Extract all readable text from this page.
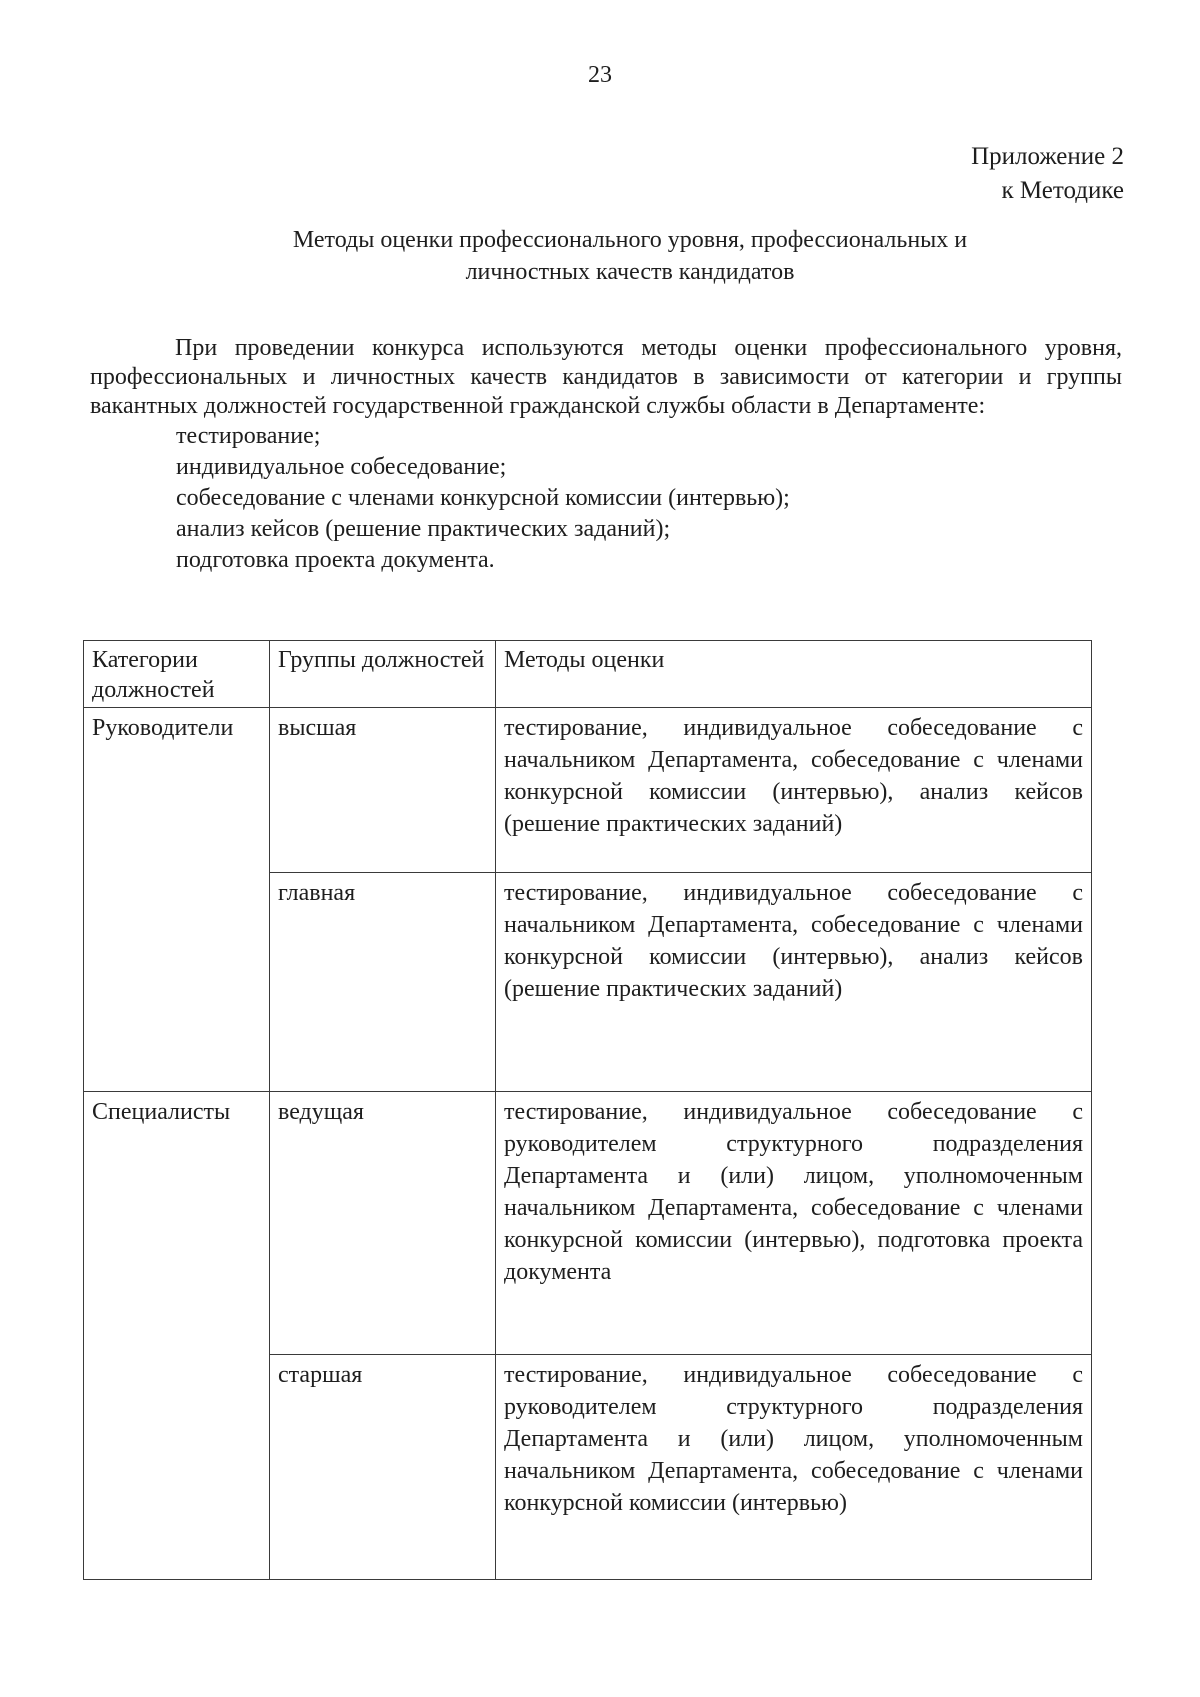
23
Приложение 2
к Методике
Методы оценки профессионального уровня, профессиональных и
личностных качеств кандидатов

При проведении конкурса используются методы оценки профессионального уровня, профессиональных и личностных качеств кандидатов в зависимости от категории и группы вакантных должностей государственной гражданской службы области в Департаменте:

тестирование;
индивидуальное собеседование;
собеседование с членами конкурсной комиссии (интервью);
анализ кейсов (решение практических заданий);
подготовка проекта документа.
Категории должностей	Группы должностей	Методы оценки
Руководители	высшая	тестирование, индивидуальное собеседование с начальником Департамента, собеседование с членами конкурсной комиссии (интервью), анализ кейсов (решение практических заданий)
	главная	тестирование, индивидуальное собеседование с начальником Департамента, собеседование с членами конкурсной комиссии (интервью), анализ кейсов (решение практических заданий)
Специалисты	ведущая	тестирование, индивидуальное собеседование с руководителем структурного подразделения Департамента и (или) лицом, уполномоченным начальником Департамента, собеседование с членами конкурсной комиссии (интервью), подготовка проекта документа
	старшая	тестирование, индивидуальное собеседование с руководителем структурного подразделения Департамента и (или) лицом, уполномоченным начальником Департамента, собеседование с членами конкурсной комиссии (интервью)
